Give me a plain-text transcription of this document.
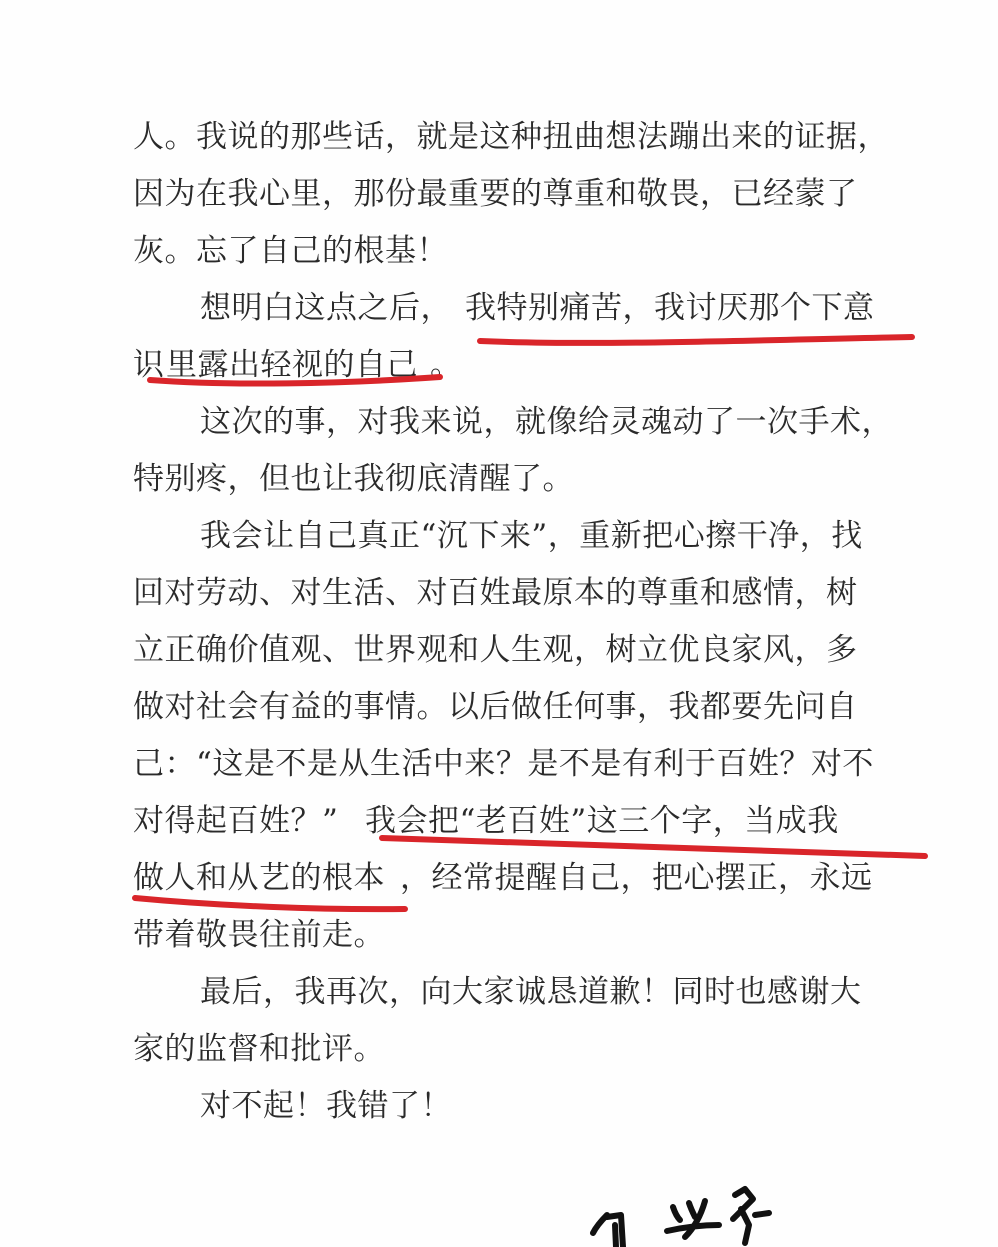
人。我说的那些话，就是这种扭曲想法蹦出来的证据，
因为在我心里，那份最重要的尊重和敬畏，已经蒙了
灰。忘了自己的根基！
想明白这点之后， 我特别痛苦，我讨厌那个下意
识 里露出轻视的自己 。
这次的事，对我来说，就像给灵魂动了一次手术，
特别疼，但也让我彻底清醒了。
我会让自己真正“沉下来”，重新把心擦干净，找
回对劳动、对生活、对百姓最原本的尊重和感情，树
立正确价值观、世界观和人生观，树立优良家风，多
做对社会有益的事情。以后做任何事，我都要先问自
己：“这是不是从生活中来？是不是有利于百姓？对不
对得起百姓？” 我会把“老百姓”这三个字，当成我
做人和从艺的根本 ，经常提醒自己，把心摆正，永远
带着敬畏往前走。
最后，我再次，向大家诚恳道歉！同时也感谢大
家的监督和批评。
对不起！我错了！
